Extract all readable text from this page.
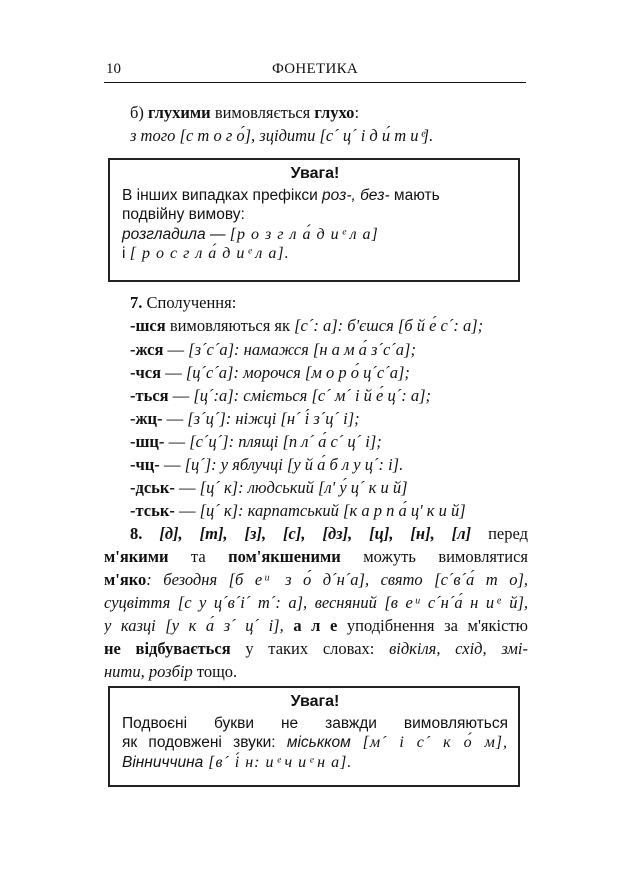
10	ФОНЕТИКА
б) глухими вимовляється глухо:
з того [с т о г о́], зцідити [с´ ц´ і д и́ т и ͤ].
Увага!
В інших випадках префікси роз-, без- мають
подвійну вимову:
розгладила — [р о з г л а́ д и ͤ л а]
і [ р о с г л а́ д и ͤ л а].
7. Сполучення:
-шся вимовляються як [с´: а]: б'єшся [б й е́ с´: а];
-жся — [з´с´а]: намажся [н а м а́ з´с´а];
-чся — [ц´с´а]: морочся [м о р о́ ц´с´а];
-ться — [ц´:а]: сміється [с´ м´ і й е́ ц´: а];
-жц- — [з´ц´]: ніжці [н´ і́ з´ц´ і];
-шц- — [с´ц´]: плящі [п л´ а́ с´ ц´ і];
-чц- — [ц´]: у яблучці [у й а́ б л у ц´: і].
-дськ- — [ц´ к]: людський [л' у́ ц´ к и й]
-тськ- — [ц´ к]: карпатський [к а р п а́ ц' к и й]
8. [д], [т], [з], [с], [дз], [ц], [н], [л] перед
м'якими та пом'якшеними можуть вимовлятися
м'яко: безодня [б е ͧ з о́ д´н´а], свято [с´в´а́ т о],
суцвіття [с у ц´в´і´ т´: а], весняний [в е ͧ с´н´а́ н и ͤ й],
у казці [у к а́ з´ ц´ і], а л е уподібнення за м'якістю
не відбувається у таких словах: відкіля, схід, змі-
нити, розбір тощо.
Увага!
Подвоєні букви не завжди вимовляються
як подовжені звуки: міськком [м´ і с´ к о́ м],
Вінниччина [в´ і́ н: и ͤ ч и ͤ н а].
